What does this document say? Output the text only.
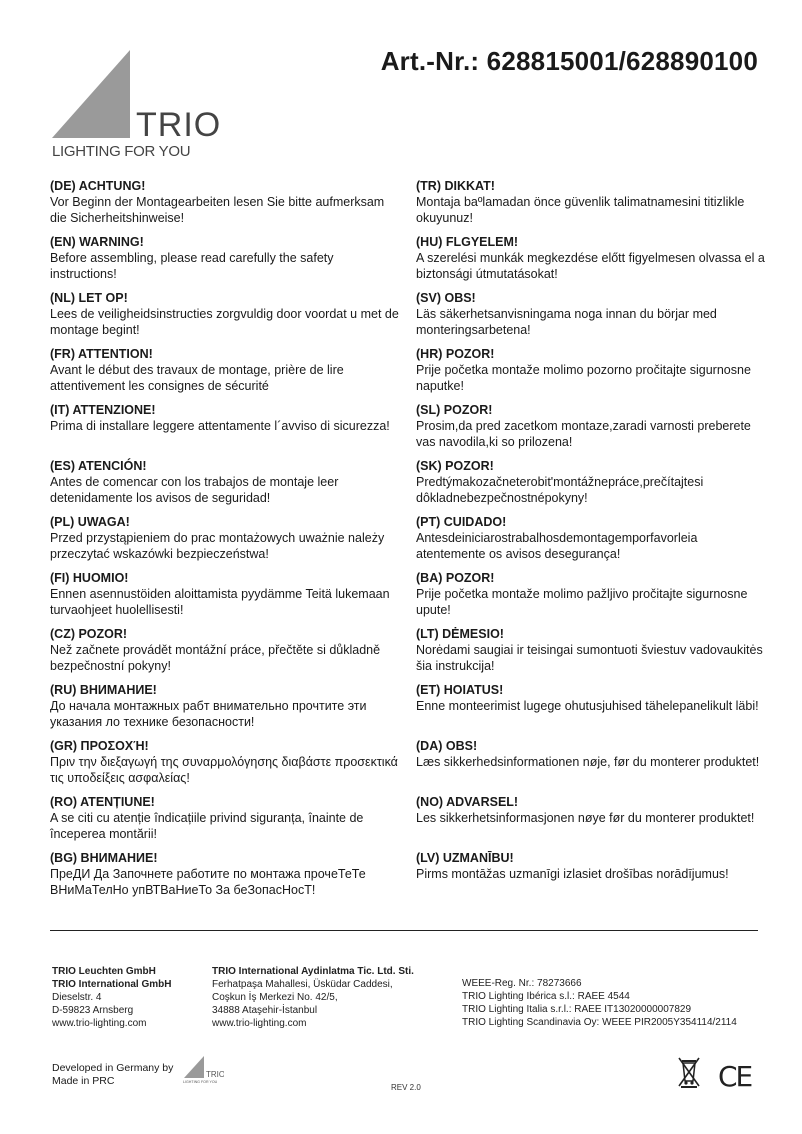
Art.-Nr.: 628815001/628890100
TRIO
LIGHTING FOR YOU
(DE) ACHTUNG!
Vor Beginn der Montagearbeiten lesen Sie bitte aufmerksam die Sicherheitshinweise!
(EN) WARNING!
Before assembling, please read carefully the safety instructions!
(NL) LET OP!
Lees de veiligheidsinstructies zorgvuldig door voordat u met de montage begint!
(FR) ATTENTION!
Avant le début des travaux de montage, prière de lire attentivement les consignes de sécurité
(IT) ATTENZIONE!
Prima di installare leggere attentamente l´avviso di sicurezza!
(ES) ATENCIÓN!
Antes de comencar con los trabajos de montaje leer detenidamente los avisos de seguridad!
(PL) UWAGA!
Przed przystąpieniem do prac montażowych uważnie należy przeczytać wskazówki bezpieczeństwa!
(FI) HUOMIO!
Ennen asennustöiden aloittamista pyydämme Teitä lukemaan turvaohjeet huolellisesti!
(CZ) POZOR!
Než začnete provádět montážní práce, přečtěte si důkladně bezpečnostní pokyny!
(RU) ВНИМАНИЕ!
До начала монтажных рабт внимательно прочтите эти указания ло технике безопасности!
(GR) ΠΡΟΣΟΧΉ!
Πριν την διεξαγωγή της συναρμολόγησης διαβάστε προσεκτικά τις υποδείξεις ασφαλείας!
(RO) ATENȚIUNE!
A se citi cu atenție îndicațiile privind siguranța, înainte de începerea montării!
(BG) ВНИМАНИЕ!
ПреДИ Да Започнете работите по монтажа прочеТеТе ВНиМаТелНо упВТВаНиеТо За беЗопасНосТ!
(TR) DIKKAT!
Montaja baºlamadan önce güvenlik talimatnamesini titizlikle okuyunuz!
(HU) FLGYELEM!
A szerelési munkák megkezdése előtt figyelmesen olvassa el a biztonsági útmutatásokat!
(SV) OBS!
Läs säkerhetsanvisningama noga innan du börjar med monteringsarbetena!
(HR) POZOR!
Prije početka montaže molimo pozorno pročitajte sigurnosne naputke!
(SL) POZOR!
Prosim,da pred zacetkom montaze,zaradi varnosti preberete vas navodila,ki so prilozena!
(SK) POZOR!
Predtýmakozačneterobit'montážnepráce,prečítajtesi dôkladnebezpečnostnépokyny!
(PT) CUIDADO!
Antesdeiniciarostrabalhosdemontagemporfavorleia atentemente os avisos desegurança!
(BA) POZOR!
Prije početka montaže molimo pažljivo pročitajte sigurnosne upute!
(LT) DĖMESIO!
Norėdami saugiai ir teisingai sumontuoti šviestuv vadovaukitės šia instrukcija!
(ET) HOIATUS!
Enne monteerimist lugege ohutusjuhised tähelepanelikult läbi!
(DA) OBS!
Læs sikkerhedsinformationen nøje, før du monterer produktet!
(NO) ADVARSEL!
Les sikkerhetsinformasjonen nøye før du monterer produktet!
(LV) UZMANĪBU!
Pirms montāžas uzmanīgi izlasiet drošības norādījumus!
TRIO Leuchten GmbH
TRIO International GmbH
Dieselstr. 4
D-59823 Arnsberg
www.trio-lighting.com
TRIO International Aydinlatma Tic. Ltd. Sti.
Ferhatpaşa Mahallesi, Üsküdar Caddesi,
Coşkun İş Merkezi No. 42/5,
34888 Ataşehir-İstanbul
www.trio-lighting.com
WEEE-Reg. Nr.: 78273666
TRIO Lighting Ibérica s.l.: RAEE 4544
TRIO Lighting Italia s.r.l.: RAEE IT13020000007829
TRIO Lighting Scandinavia Oy: WEEE PIR2005Y354114/2114
Developed in Germany by
Made in PRC
TRIO
LIGHTING FOR YOU
REV 2.0	CE
